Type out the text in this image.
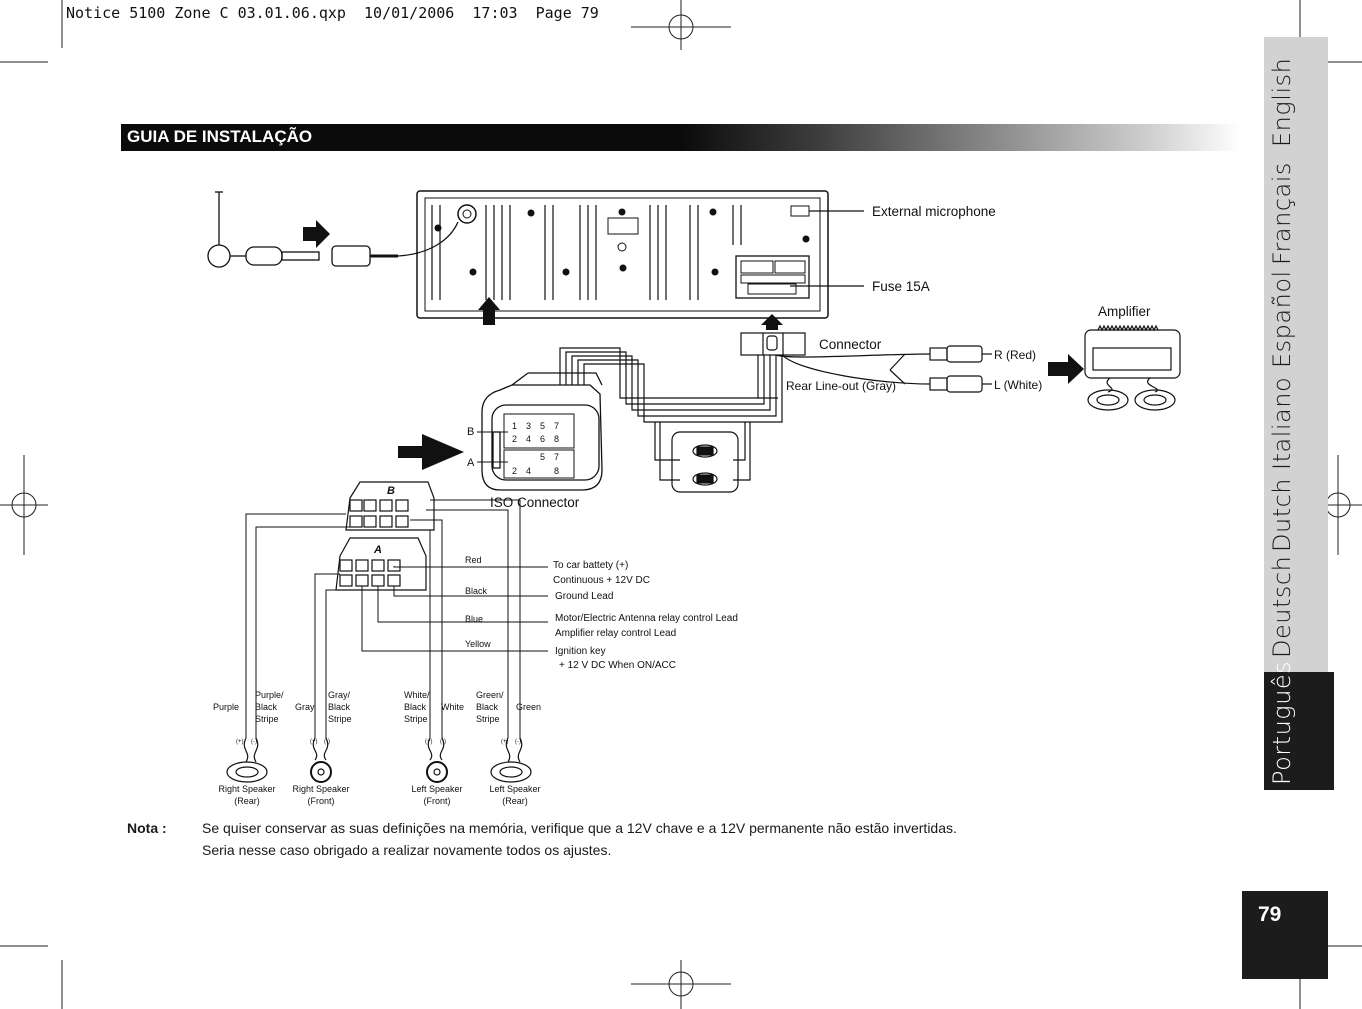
Notice 5100 Zone C 03.01.06.qxp  10/01/2006  17:03  Page 79
GUIA DE INSTALAÇÃO	English
Français
Español
Italiano
Dutch
Deutsch
Português
79
External microphone
Fuse 15A
Amplifier
Connector
Rear Line-out (Gray)
R (Red)
L (White)
ISO Connector
B
A
1 3 5 7
2 4 6 8
5 7
2 4	8
B
A
Red
Black
Blue
Yellow
To car battety (+)
Continuous + 12V DC
Ground Lead
Motor/Electric Antenna relay control Lead
Amplifier relay control Lead
Ignition key
+ 12 V DC When ON/ACC
Purple
Purple/
Black
Stripe
Gray
Gray/
Black
Stripe
White/
Black
Stripe
White
Green/
Black
Stripe
Green
(+) (-)	(+) (-)	(+) (-)	(+) (-)
Right Speaker
(Rear)
Right Speaker
(Front)
Left Speaker
(Front)
Left Speaker
(Rear)
Nota :	Se quiser conservar as suas definições na memória, verifique que a 12V chave e a 12V permanente não estão invertidas.
Seria nesse caso obrigado a realizar novamente todos os ajustes.
